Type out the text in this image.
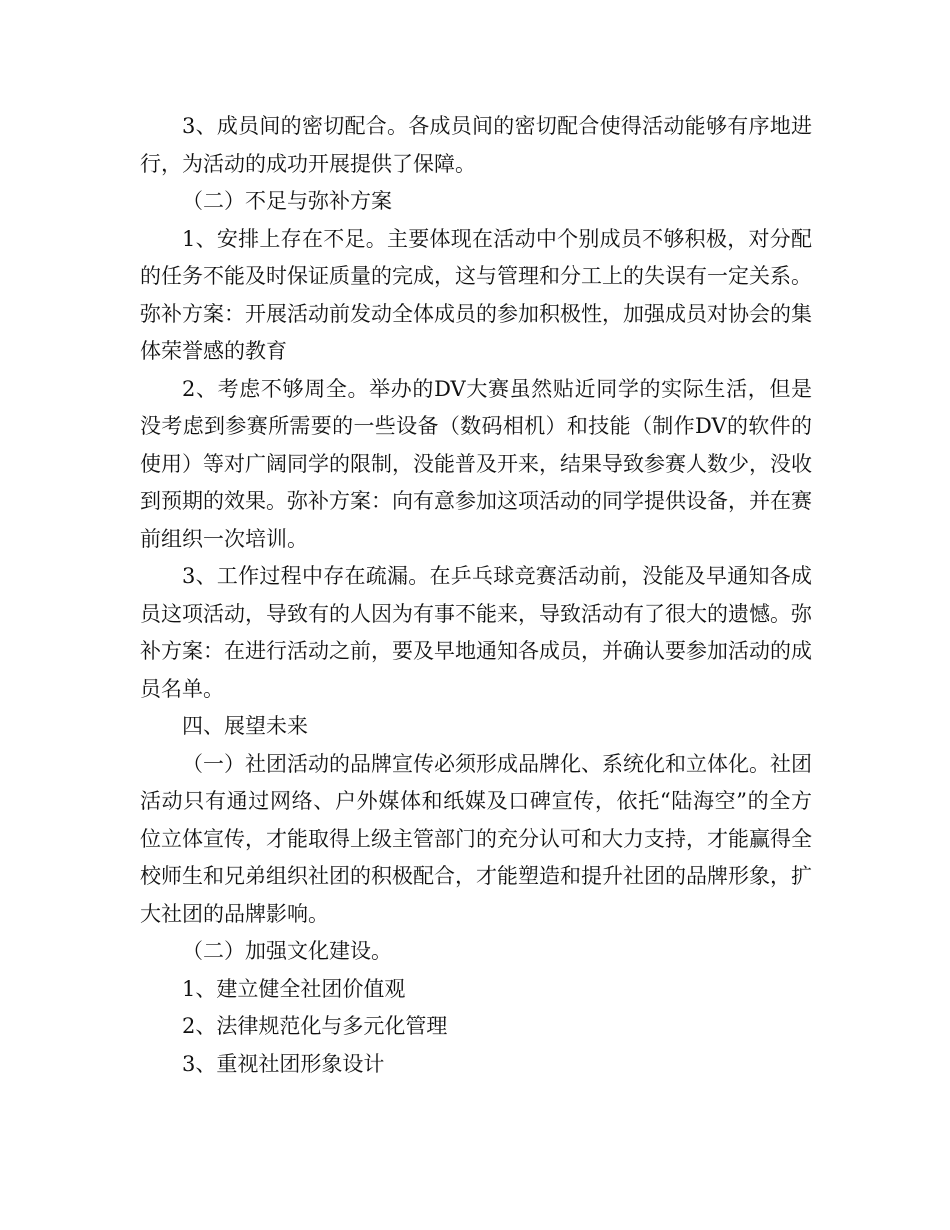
3、成员间的密切配合。各成员间的密切配合使得活动能够有序地进行，为活动的成功开展提供了保障。

（二）不足与弥补方案

1、安排上存在不足。主要体现在活动中个别成员不够积极，对分配的任务不能及时保证质量的完成，这与管理和分工上的失误有一定关系。弥补方案：开展活动前发动全体成员的参加积极性，加强成员对协会的集体荣誉感的教育

2、考虑不够周全。举办的DV大赛虽然贴近同学的实际生活，但是没考虑到参赛所需要的一些设备（数码相机）和技能（制作DV的软件的使用）等对广阔同学的限制，没能普及开来，结果导致参赛人数少，没收到预期的效果。弥补方案：向有意参加这项活动的同学提供设备，并在赛前组织一次培训。

3、工作过程中存在疏漏。在乒乓球竞赛活动前，没能及早通知各成员这项活动，导致有的人因为有事不能来，导致活动有了很大的遗憾。弥补方案：在进行活动之前，要及早地通知各成员，并确认要参加活动的成员名单。

四、展望未来

（一）社团活动的品牌宣传必须形成品牌化、系统化和立体化。社团活动只有通过网络、户外媒体和纸媒及口碑宣传，依托“陆海空”的全方位立体宣传，才能取得上级主管部门的充分认可和大力支持，才能赢得全校师生和兄弟组织社团的积极配合，才能塑造和提升社团的品牌形象，扩大社团的品牌影响。

（二）加强文化建设。

1、建立健全社团价值观

2、法律规范化与多元化管理

3、重视社团形象设计
